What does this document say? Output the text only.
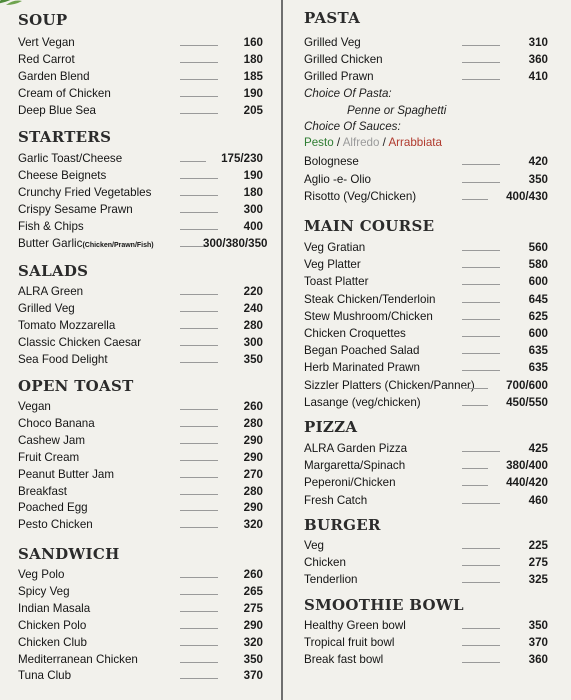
SOUP
Vert Vegan	160
Red Carrot	180
Garden Blend	185
Cream of Chicken	190
Deep Blue Sea	205
STARTERS
Garlic Toast/Cheese	175/230
Cheese Beignets	190
Crunchy Fried Vegetables	180
Crispy Sesame Prawn	300
Fish & Chips	400
Butter Garlic(Chicken/Prawn/Fish)	300/380/350
SALADS
ALRA Green	220
Grilled Veg	240
Tomato Mozzarella	280
Classic Chicken Caesar	300
Sea Food Delight	350
OPEN TOAST
Vegan	260
Choco Banana	280
Cashew Jam	290
Fruit Cream	290
Peanut Butter Jam	270
Breakfast	280
Poached Egg	290
Pesto Chicken	320
SANDWICH
Veg Polo	260
Spicy Veg	265
Indian Masala	275
Chicken Polo	290
Chicken Club	320
Mediterranean Chicken	350
Tuna Club	370
PASTA
Grilled Veg	310
Grilled Chicken	360
Grilled Prawn	410
Choice Of Pasta:
Penne or Spaghetti
Choice Of Sauces:
Pesto / Alfredo / Arrabbiata
Bolognese	420
Aglio -e- Olio	350
Risotto (Veg/Chicken)	400/430
MAIN COURSE
Veg Gratian	560
Veg Platter	580
Toast Platter	600
Steak Chicken/Tenderloin	645
Stew Mushroom/Chicken	625
Chicken Croquettes	600
Began Poached Salad	635
Herb Marinated Prawn	635
Sizzler Platters (Chicken/Panner)	700/600
Lasange (veg/chicken)	450/550
PIZZA
ALRA Garden Pizza	425
Margaretta/Spinach	380/400
Peperoni/Chicken	440/420
Fresh Catch	460
BURGER
Veg	225
Chicken	275
Tenderlion	325
SMOOTHIE BOWL
Healthy Green bowl	350
Tropical fruit bowl	370
Break fast bowl	360
